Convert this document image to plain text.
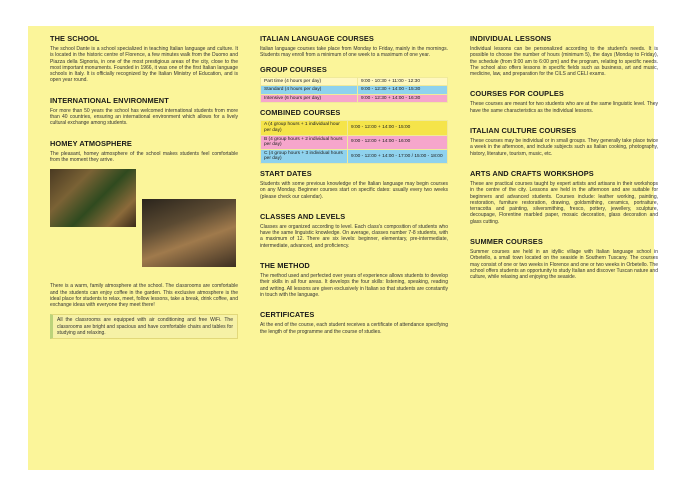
THE SCHOOL

The school Dante is a school specialized in teaching Italian language and culture. It is located in the historic centre of Florence, a few minutes walk from the Duomo and Piazza della Signoria, in one of the most prestigious areas of the city, close to the most important monuments. Founded in 1966, it was one of the first Italian language schools in Italy. It is officially recognized by the Italian Ministry of Education, and is open year round.

INTERNATIONAL ENVIRONMENT

For more than 50 years the school has welcomed international students from more than 40 countries, ensuring an international environment which allows for a lively cultural exchange among students.

HOMEY ATMOSPHERE

The pleasant, homey atmosphere of the school makes students feel comfortable from the moment they arrive.

There is a warm, family atmosphere at the school. The classrooms are comfortable and the students can enjoy coffee in the garden. This exclusive atmosphere is the ideal place for students to relax, meet, follow lessons, take a break, drink coffee, and exchange ideas with everyone they meet there!

All the classrooms are equipped with air conditioning and free WiFi. The classrooms are bright and spacious and have comfortable chairs and tables for studying and relaxing.

ITALIAN LANGUAGE COURSES

Italian language courses take place from Monday to Friday, mainly in the mornings. Students may enroll from a minimum of one week to a maximum of one year.

GROUP COURSES
Part time (4 hours per day)	9:00 - 10:30 + 11:00 - 12:30
Standard (4 hours per day)	9:00 - 12:30 + 14:00 - 15:30
Intensive (6 hours per day)	9:00 - 12:30 + 14:00 - 16:30
COMBINED COURSES
A (4 group hours + 1 individual hour per day)	9:00 - 12:00 + 14:00 - 15:00
B (4 group hours + 2 individual hours per day)	9:00 - 12:00 + 14:00 - 16:00
C (4 group hours + 3 individual hours per day)	9:00 - 12:00 + 14:00 - 17:00 / 15:00 - 18:00
START DATES

Students with some previous knowledge of the Italian language may begin courses on any Monday. Beginner courses start on specific dates: usually every two weeks (please check our calendar).

CLASSES AND LEVELS

Classes are organized according to level. Each class's composition of students who have the same linguistic knowledge. On average, classes number 7-8 students, with a maximum of 12. There are six levels: beginner, elementary, pre-intermediate, intermediate, advanced, and proficiency.

THE METHOD

The method used and perfected over years of experience allows students to develop their skills in all four areas. It develops the four skills: listening, speaking, reading and writing. All lessons are given exclusively in Italian so that students are constantly in touch with the language.

CERTIFICATES

At the end of the course, each student receives a certificate of attendance specifying the length of the programme and the course of studies.

INDIVIDUAL LESSONS

Individual lessons can be personalized according to the student's needs. It is possible to choose the number of hours (minimum 5), the days (Monday to Friday), the schedule (from 9:00 am to 6:00 pm) and the program, relating to specific needs. The school also offers lessons in specific fields such as business, art and music, medicine, law, and preparation for the CILS and CELI exams.

COURSES FOR COUPLES

These courses are meant for two students who are at the same linguistic level. They have the same characteristics as the individual lessons.

ITALIAN CULTURE COURSES

These courses may be individual or in small groups. They generally take place twice a week in the afternoon, and include subjects such as Italian cooking, photography, history, literature, tourism, music, etc.

ARTS AND CRAFTS WORKSHOPS

These are practical courses taught by expert artists and artisans in their workshops in the centre of the city. Lessons are held in the afternoon and are suitable for beginners and advanced students. Courses include: leather working, painting, restoration, furniture restoration, drawing, goldsmithing, ceramics, portraiture, terracotta and painting, silversmithing, fresco, pottery, jewellery, sculpture, decoupage, Florentine marbled paper, mosaic decoration, glass decoration and glass cutting.

SUMMER COURSES

Summer courses are held in an idyllic village with Italian language school in Orbetello, a small town located on the seaside in Southern Tuscany. The courses may consist of one or two weeks in Florence and one or two weeks in Orbetello. The school offers students an opportunity to study Italian and discover Tuscan nature and culture, while relaxing and enjoying the seaside.
